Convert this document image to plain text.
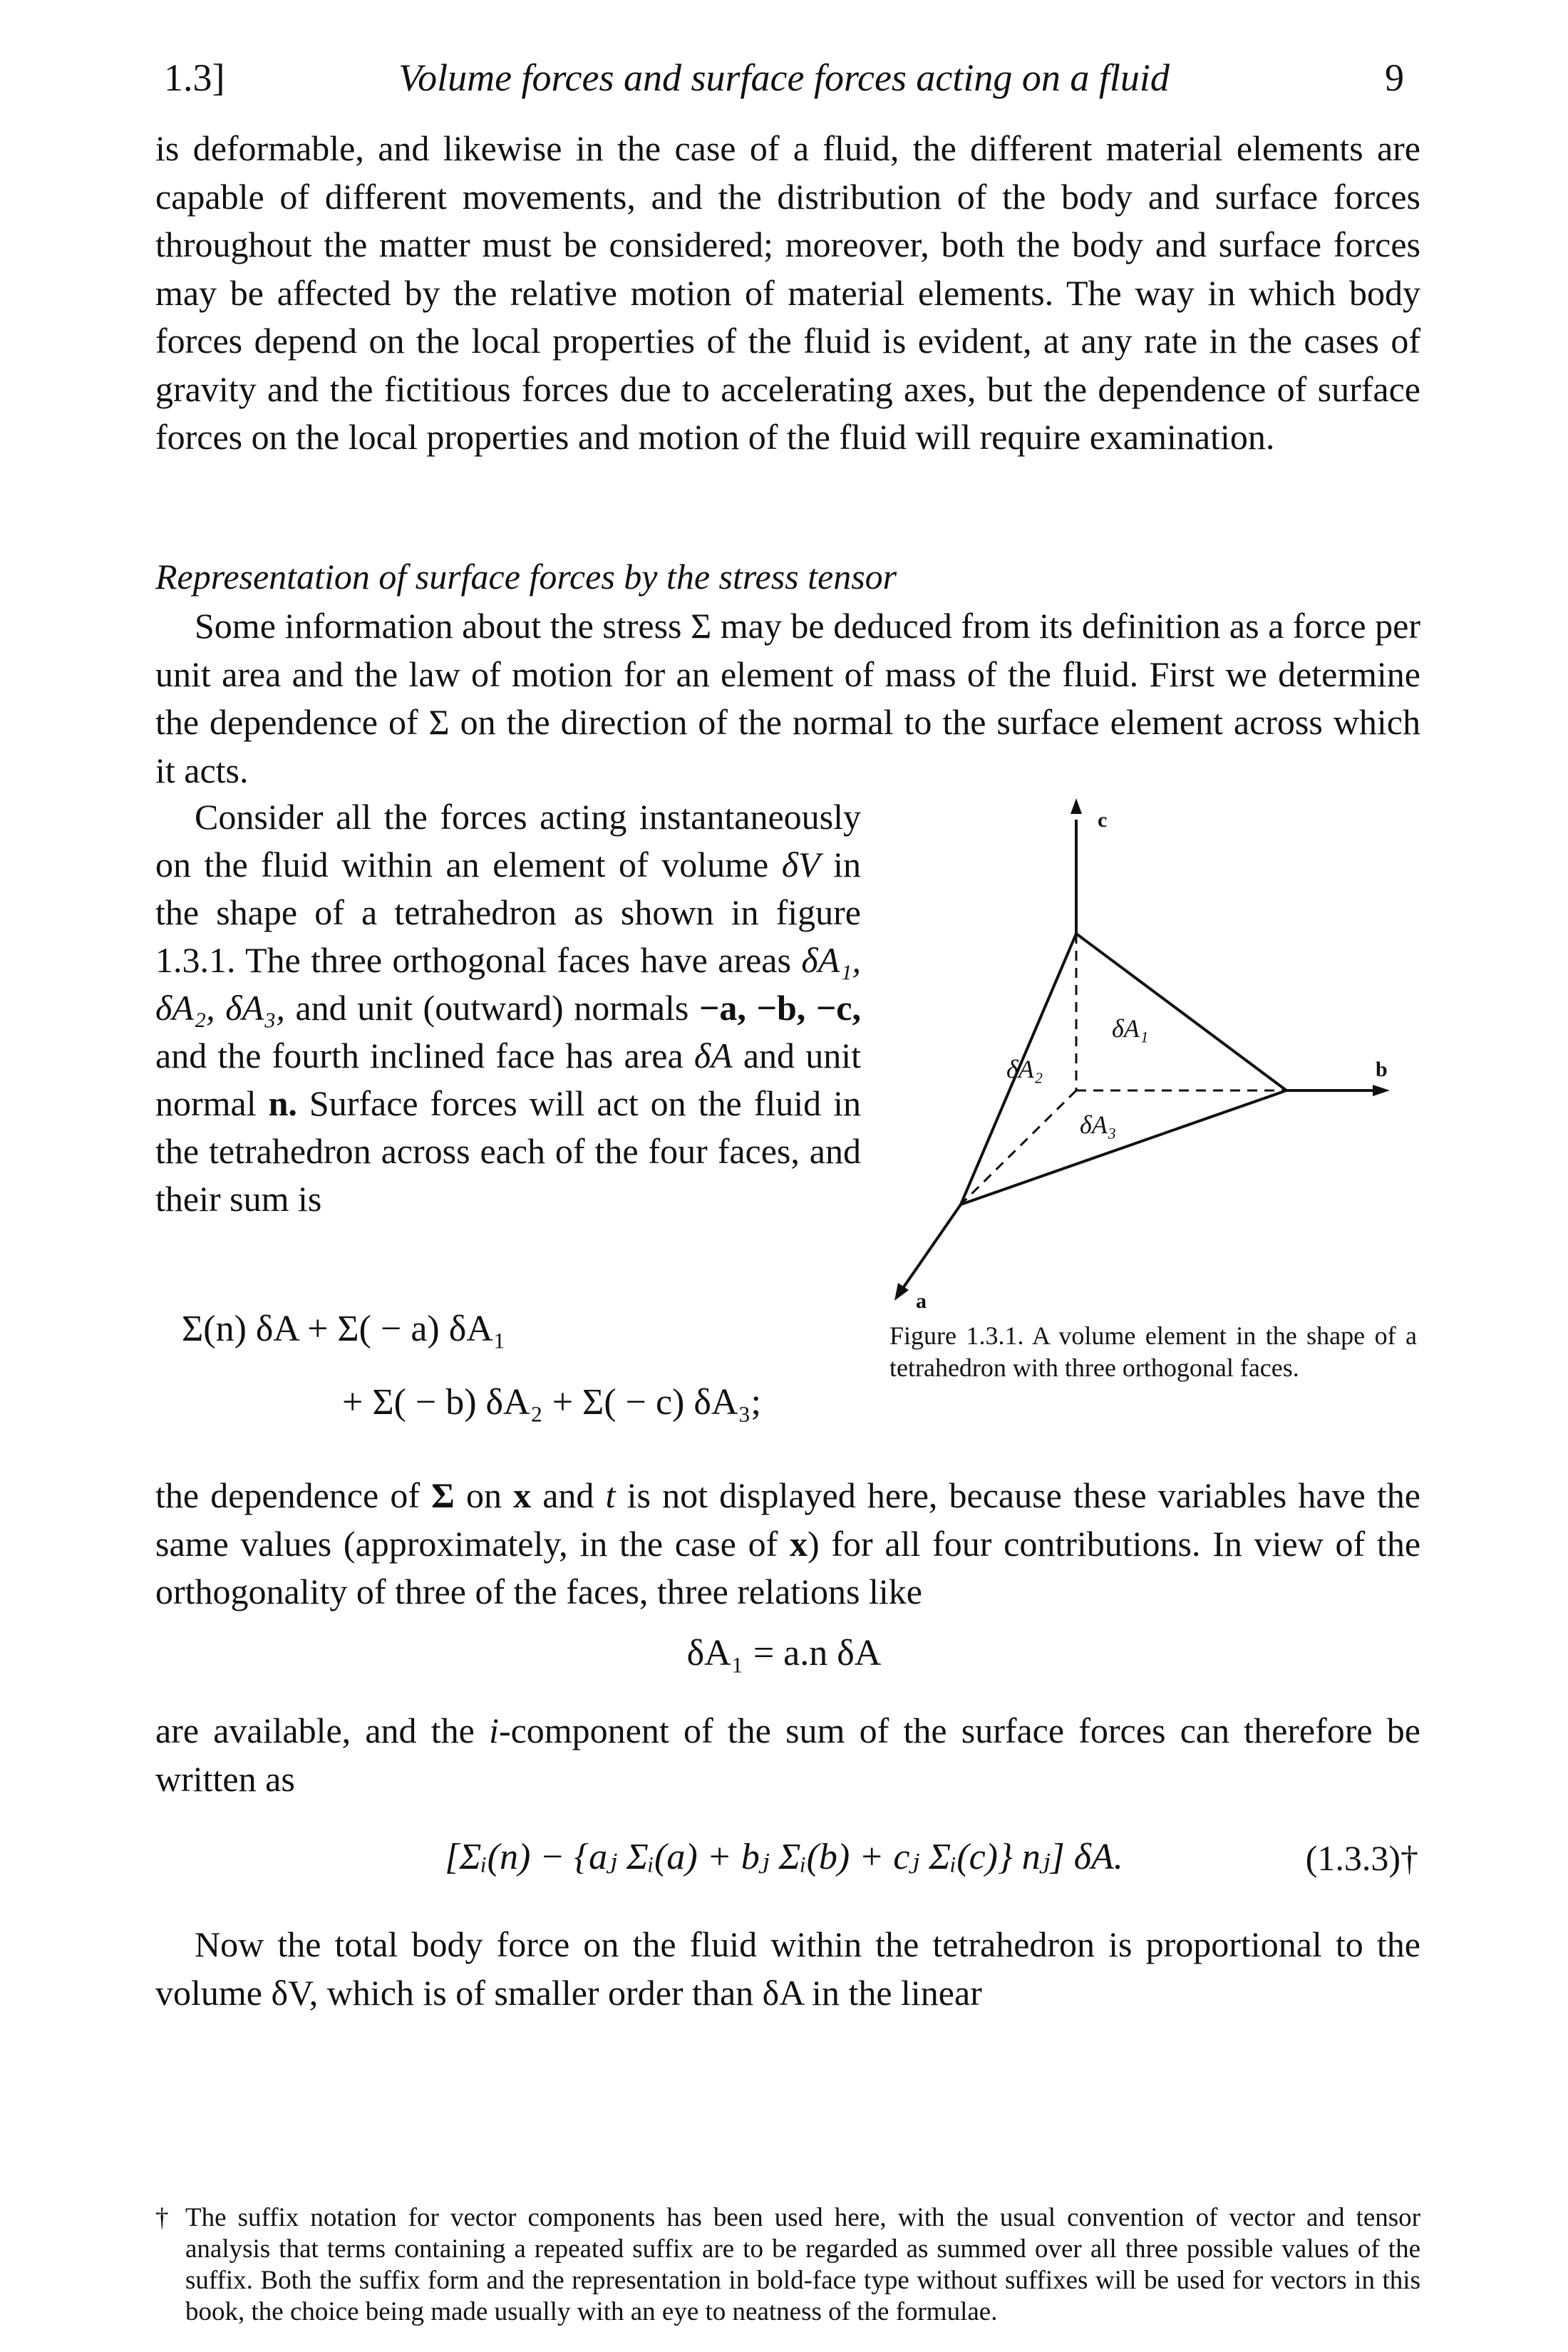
1.3]	Volume forces and surface forces acting on a fluid	9

is deformable, and likewise in the case of a fluid, the different material elements are capable of different movements, and the distribution of the body and surface forces throughout the matter must be considered; moreover, both the body and surface forces may be affected by the relative motion of material elements. The way in which body forces depend on the local properties of the fluid is evident, at any rate in the cases of gravity and the fictitious forces due to accelerating axes, but the dependence of surface forces on the local properties and motion of the fluid will require examination.

Representation of surface forces by the stress tensor

Some information about the stress Σ may be deduced from its definition as a force per unit area and the law of motion for an element of mass of the fluid. First we determine the dependence of Σ on the direction of the normal to the surface element across which it acts.

Consider all the forces acting instantaneously on the fluid within an element of volume δV in the shape of a tetrahedron as shown in figure 1.3.1. The three orthogonal faces have areas δA₁, δA₂, δA₃, and unit (outward) normals −a, −b, −c, and the fourth inclined face has area δA and unit normal n. Surface forces will act on the fluid in the tetrahedron across each of the four faces, and their sum is
Σ(n) δA + Σ( − a) δA₁
+ Σ( − b) δA₂ + Σ( − c) δA₃;
c
b
a
δA₁
δA₂
δA₃
Figure 1.3.1. A volume element in the shape of a tetrahedron with three orthogonal faces.

the dependence of Σ on x and t is not displayed here, because these variables have the same values (approximately, in the case of x) for all four contributions. In view of the orthogonality of three of the faces, three relations like

δA₁ = a.n δA

are available, and the i-component of the sum of the surface forces can therefore be written as

[Σᵢ(n) − {aⱼ Σᵢ(a) + bⱼ Σᵢ(b) + cⱼ Σᵢ(c)} nⱼ] δA.	(1.3.3)†

Now the total body force on the fluid within the tetrahedron is proportional to the volume δV, which is of smaller order than δA in the linear

† The suffix notation for vector components has been used here, with the usual convention of vector and tensor analysis that terms containing a repeated suffix are to be regarded as summed over all three possible values of the suffix. Both the suffix form and the representation in bold-face type without suffixes will be used for vectors in this book, the choice being made usually with an eye to neatness of the formulae.
